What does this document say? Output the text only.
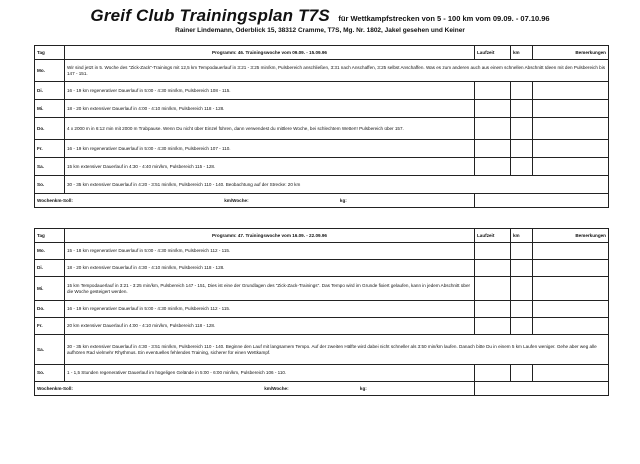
Greif Club Trainingsplan T7S für Wettkampfstrecken von 5 - 100 km vom 09.09. - 07.10.96
Rainer Lindemann, Oderblick 15, 38312 Cramme, T7S, Mg. Nr. 1802, Jakel gesehen und Keiner
Tag	Programm: 46. Trainingswoche vom 09.09. - 15.09.96	Laufzeit	km	Bemerkungen
Mo.	Wir sind jetzt in 5. Woche des "Zick-Zack"-Trainings mit 12,5 km Tempodauerlauf in 3:21 - 3:25 min/km, Pulsbereich anschließen, 3:31 nach Anschaffen, 3:25 selbst Anschaffen. Was es zum anderen auch aus einem schnellen Abschnitt Ideen mit den Pulsbereich bis 147 - 151.			
Di.	16 - 19 km regenerativer Dauerlauf in 5:00 - 4:30 min/km, Pulsbereich 108 - 115.			
Mi.	18 - 20 km extensiver Dauerlauf in 4:00 - 4:10 min/km, Pulsbereich 118 - 128.			
Do.	4 x 2000 m in 6:12 min mit 2000 m Trabpause. Wenn Du nicht über Einzel führen, dann verwendest du mittlere Woche, bei schlechtem Wetter!! Pulsbereich über 157.			
Fr.	16 - 19 km regenerativer Dauerlauf in 5:00 - 4:30 min/km, Pulsbereich 107 - 110.			
Sa.	15 km extensiver Dauerlauf in 4:30 - 4:40 min/km, Pulsbereich 115 - 128.			
So.	30 - 35 km extensiver Dauerlauf in 4:20 - 3:51 min/km, Pulsbereich 110 - 140. Beobachtung auf der Strecke: 20 km			
Wochenkm-Soll: km/Woche: kg:				
Tag	Programm: 47. Trainingswoche vom 16.09. - 22.09.96	Laufzeit	km	Bemerkungen
Mo.	15 - 18 km regenerativer Dauerlauf in 5:00 - 4:30 min/km, Pulsbereich 112 - 115.			
Di.	18 - 20 km extensiver Dauerlauf in 4:30 - 4:10 min/km, Pulsbereich 118 - 128.			
Mi.	15 km Tempodauerlauf in 3:21 - 3:25 min/km, Pulsbereich 147 - 151, Dies ist eine der Grundlagen des "Zick-Zack-Trainings". Das Tempo wird im Grunde fixiert gelaufen, kann in jedem Abschnitt über die Woche gesteigert werden.			
Do.	16 - 19 km regenerativer Dauerlauf in 5:00 - 4:30 min/km, Pulsbereich 112 - 115.			
Fr.	20 km extensiver Dauerlauf in 4:00 - 4:10 min/km, Pulsbereich 118 - 128.			
Sa.	30 - 35 km extensiver Dauerlauf in 4:30 - 3:51 min/km, Pulsbereich 110 - 140. Beginne den Lauf mit langsamem Tempo. Auf der zweiten Hälfte wird dabei nicht schneller als 3:50 min/km laufen. Danach bitte Du in einem 5 km Laufen weniger. Gehe aber weg alle aufhören Rad vielmehr Rhythmus. Ein eventuelles fehlendes Training, sicherer für einen Wettkampf.			
So.	1 - 1,5 Stunden regenerativer Dauerlauf im hügeligen Gelände in 5:00 - 6:00 min/km, Pulsbereich 106 - 110.			
Wochenkm-Soll: km/Woche: kg:				
